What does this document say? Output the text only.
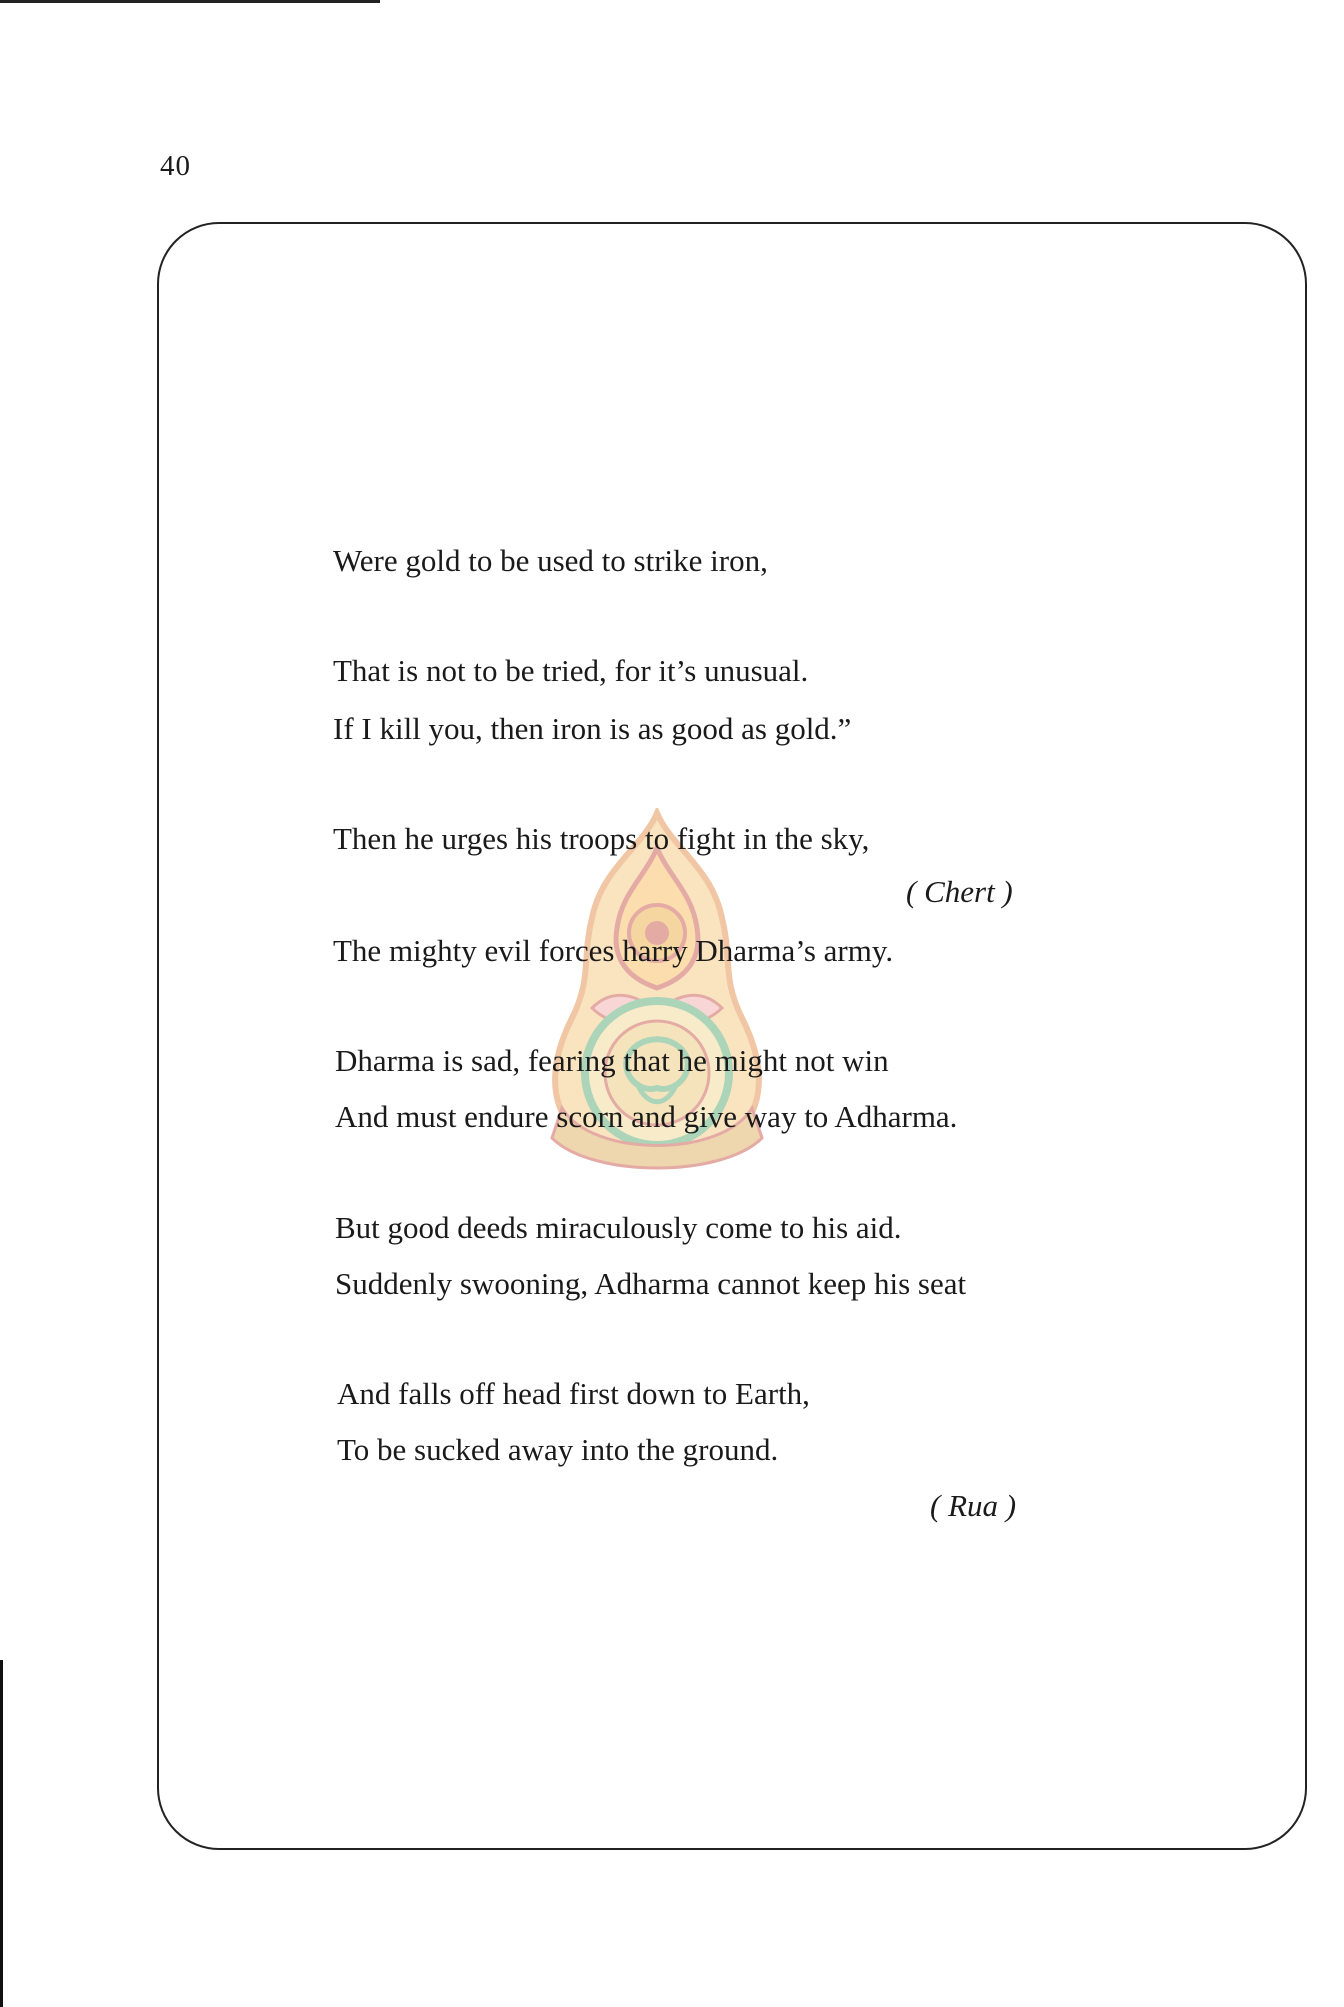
40
Were gold to be used to strike iron,
That is not to be tried, for it’s unusual.
If I kill you, then iron is as good as gold.”
Then he urges his troops to fight in the sky,
( Chert )
The mighty evil forces harry Dharma’s army.
Dharma is sad, fearing that he might not win
And must endure scorn and give way to Adharma.
But good deeds miraculously come to his aid.
Suddenly swooning, Adharma cannot keep his seat
And falls off head first down to Earth,
To be sucked away into the ground.
( Rua )
